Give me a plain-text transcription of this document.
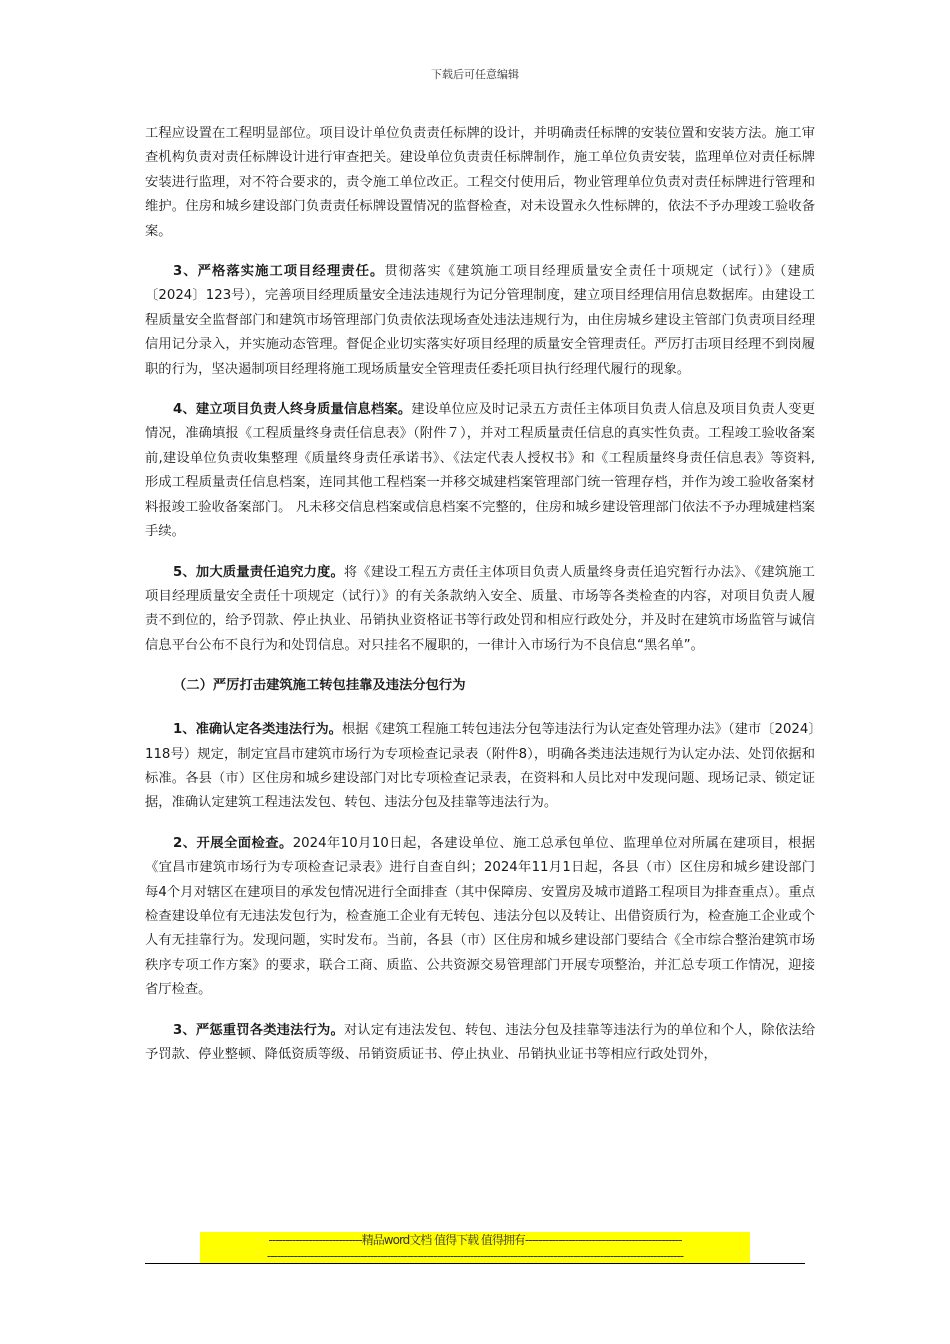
下载后可任意编辑

工程应设置在工程明显部位。项目设计单位负责责任标牌的设计，并明确责任标牌的安装位置和安装方法。施工审查机构负责对责任标牌设计进行审查把关。建设单位负责责任标牌制作，施工单位负责安装，监理单位对责任标牌安装进行监理，对不符合要求的，责令施工单位改正。工程交付使用后，物业管理单位负责对责任标牌进行管理和维护。住房和城乡建设部门负责责任标牌设置情况的监督检查，对未设置永久性标牌的，依法不予办理竣工验收备案。

3、严格落实施工项目经理责任。贯彻落实《建筑施工项目经理质量安全责任十项规定（试行）》（建质〔2024〕123号），完善项目经理质量安全违法违规行为记分管理制度，建立项目经理信用信息数据库。由建设工程质量安全监督部门和建筑市场管理部门负责依法现场查处违法违规行为，由住房城乡建设主管部门负责项目经理信用记分录入，并实施动态管理。督促企业切实落实好项目经理的质量安全管理责任。严厉打击项目经理不到岗履职的行为，坚决遏制项目经理将施工现场质量安全管理责任委托项目执行经理代履行的现象。

4、建立项目负责人终身质量信息档案。建设单位应及时记录五方责任主体项目负责人信息及项目负责人变更情况，准确填报《工程质量终身责任信息表》（附件７），并对工程质量责任信息的真实性负责。工程竣工验收备案前,建设单位负责收集整理《质量终身责任承诺书》、《法定代表人授权书》和《工程质量终身责任信息表》等资料,形成工程质量责任信息档案，连同其他工程档案一并移交城建档案管理部门统一管理存档，并作为竣工验收备案材料报竣工验收备案部门。 凡未移交信息档案或信息档案不完整的，住房和城乡建设管理部门依法不予办理城建档案手续。

5、加大质量责任追究力度。将《建设工程五方责任主体项目负责人质量终身责任追究暂行办法》、《建筑施工项目经理质量安全责任十项规定（试行）》的有关条款纳入安全、质量、市场等各类检查的内容，对项目负责人履责不到位的，给予罚款、停止执业、吊销执业资格证书等行政处罚和相应行政处分，并及时在建筑市场监管与诚信信息平台公布不良行为和处罚信息。对只挂名不履职的，一律计入市场行为不良信息“黑名单”。

（二）严厉打击建筑施工转包挂靠及违法分包行为

1、准确认定各类违法行为。根据《建筑工程施工转包违法分包等违法行为认定查处管理办法》（建市〔2024〕118号）规定，制定宜昌市建筑市场行为专项检查记录表（附件8），明确各类违法违规行为认定办法、处罚依据和标准。各县（市）区住房和城乡建设部门对比专项检查记录表，在资料和人员比对中发现问题、现场记录、锁定证据，准确认定建筑工程违法发包、转包、违法分包及挂靠等违法行为。

2、开展全面检查。2024年10月10日起，各建设单位、施工总承包单位、监理单位对所属在建项目，根据《宜昌市建筑市场行为专项检查记录表》进行自查自纠；2024年11月1日起，各县（市）区住房和城乡建设部门每4个月对辖区在建项目的承发包情况进行全面排查（其中保障房、安置房及城市道路工程项目为排查重点）。重点检查建设单位有无违法发包行为，检查施工企业有无转包、违法分包以及转让、出借资质行为，检查施工企业或个人有无挂靠行为。发现问题，实时发布。当前，各县（市）区住房和城乡建设部门要结合《全市综合整治建筑市场秩序专项工作方案》的要求，联合工商、质监、公共资源交易管理部门开展专项整治，并汇总专项工作情况，迎接省厅检查。

3、严惩重罚各类违法行为。对认定有违法发包、转包、违法分包及挂靠等违法行为的单位和个人，除依法给予罚款、停业整顿、降低资质等级、吊销资质证书、停止执业、吊销执业证书等相应行政处罚外，

----------------------------精品word文档 值得下载 值得拥有-----------------------------------------------
-----------------------------------------------------------------------------------------------------------------------------
